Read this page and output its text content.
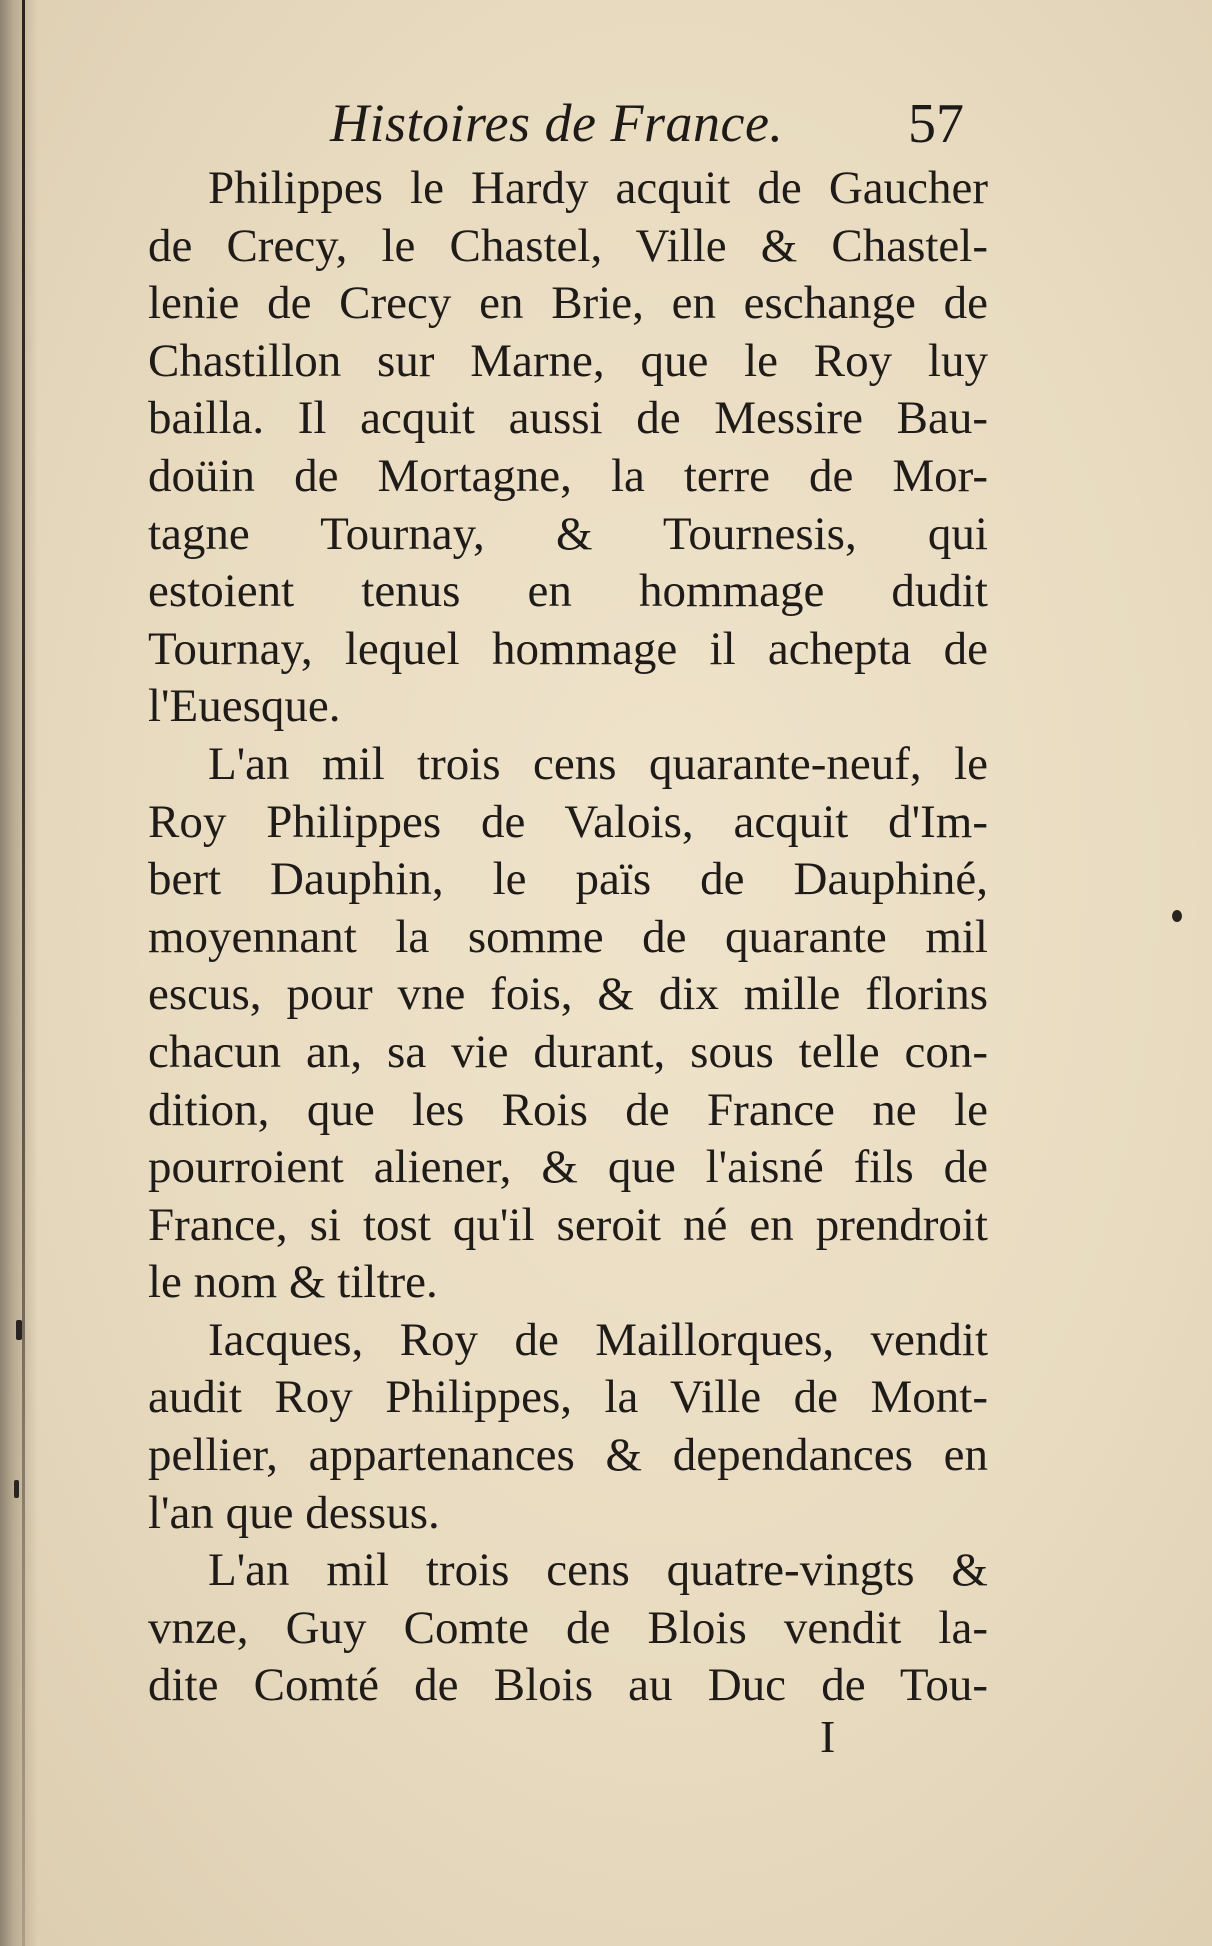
Histoires de France. 57
Philippes le Hardy acquit de Gaucher
de Crecy, le Chastel, Ville & Chastel-
lenie de Crecy en Brie, en eschange de
Chastillon sur Marne, que le Roy luy
bailla. Il acquit aussi de Messire Bau-
doüin de Mortagne, la terre de Mor-
tagne Tournay, & Tournesis, qui
estoient tenus en hommage dudit
Tournay, lequel hommage il achepta de
l'Euesque.
L'an mil trois cens quarante-neuf, le
Roy Philippes de Valois, acquit d'Im-
bert Dauphin, le païs de Dauphiné,
moyennant la somme de quarante mil
escus, pour vne fois, & dix mille florins
chacun an, sa vie durant, sous telle con-
dition, que les Rois de France ne le
pourroient aliener, & que l'aisné fils de
France, si tost qu'il seroit né en prendroit
le nom & tiltre.
Iacques, Roy de Maillorques, vendit
audit Roy Philippes, la Ville de Mont-
pellier, appartenances & dependances en
l'an que dessus.
L'an mil trois cens quatre-vingts &
vnze, Guy Comte de Blois vendit la-
dite Comté de Blois au Duc de Tou-
I
